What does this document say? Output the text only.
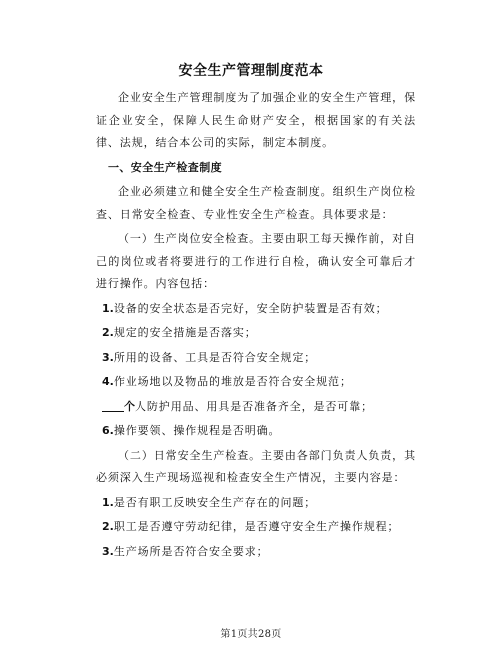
安全生产管理制度范本

企业安全生产管理制度为了加强企业的安全生产管理，保证企业安全，保障人民生命财产安全，根据国家的有关法律、法规，结合本公司的实际，制定本制度。

一、安全生产检查制度

企业必须建立和健全安全生产检查制度。组织生产岗位检查、日常安全检查、专业性安全生产检查。具体要求是：

（一）生产岗位安全检查。主要由职工每天操作前，对自己的岗位或者将要进行的工作进行自检，确认安全可靠后才进行操作。内容包括：

1.设备的安全状态是否完好，安全防护装置是否有效；

2.规定的安全措施是否落实；

3.所用的设备、工具是否符合安全规定；

4.作业场地以及物品的堆放是否符合安全规范；

个人防护用品、用具是否准备齐全，是否可靠；

6.操作要领、操作规程是否明确。

（二）日常安全生产检查。主要由各部门负责人负责，其必须深入生产现场巡视和检查安全生产情况，主要内容是：

1.是否有职工反映安全生产存在的问题；

2.职工是否遵守劳动纪律，是否遵守安全生产操作规程；

3.生产场所是否符合安全要求；

第1页共28页
